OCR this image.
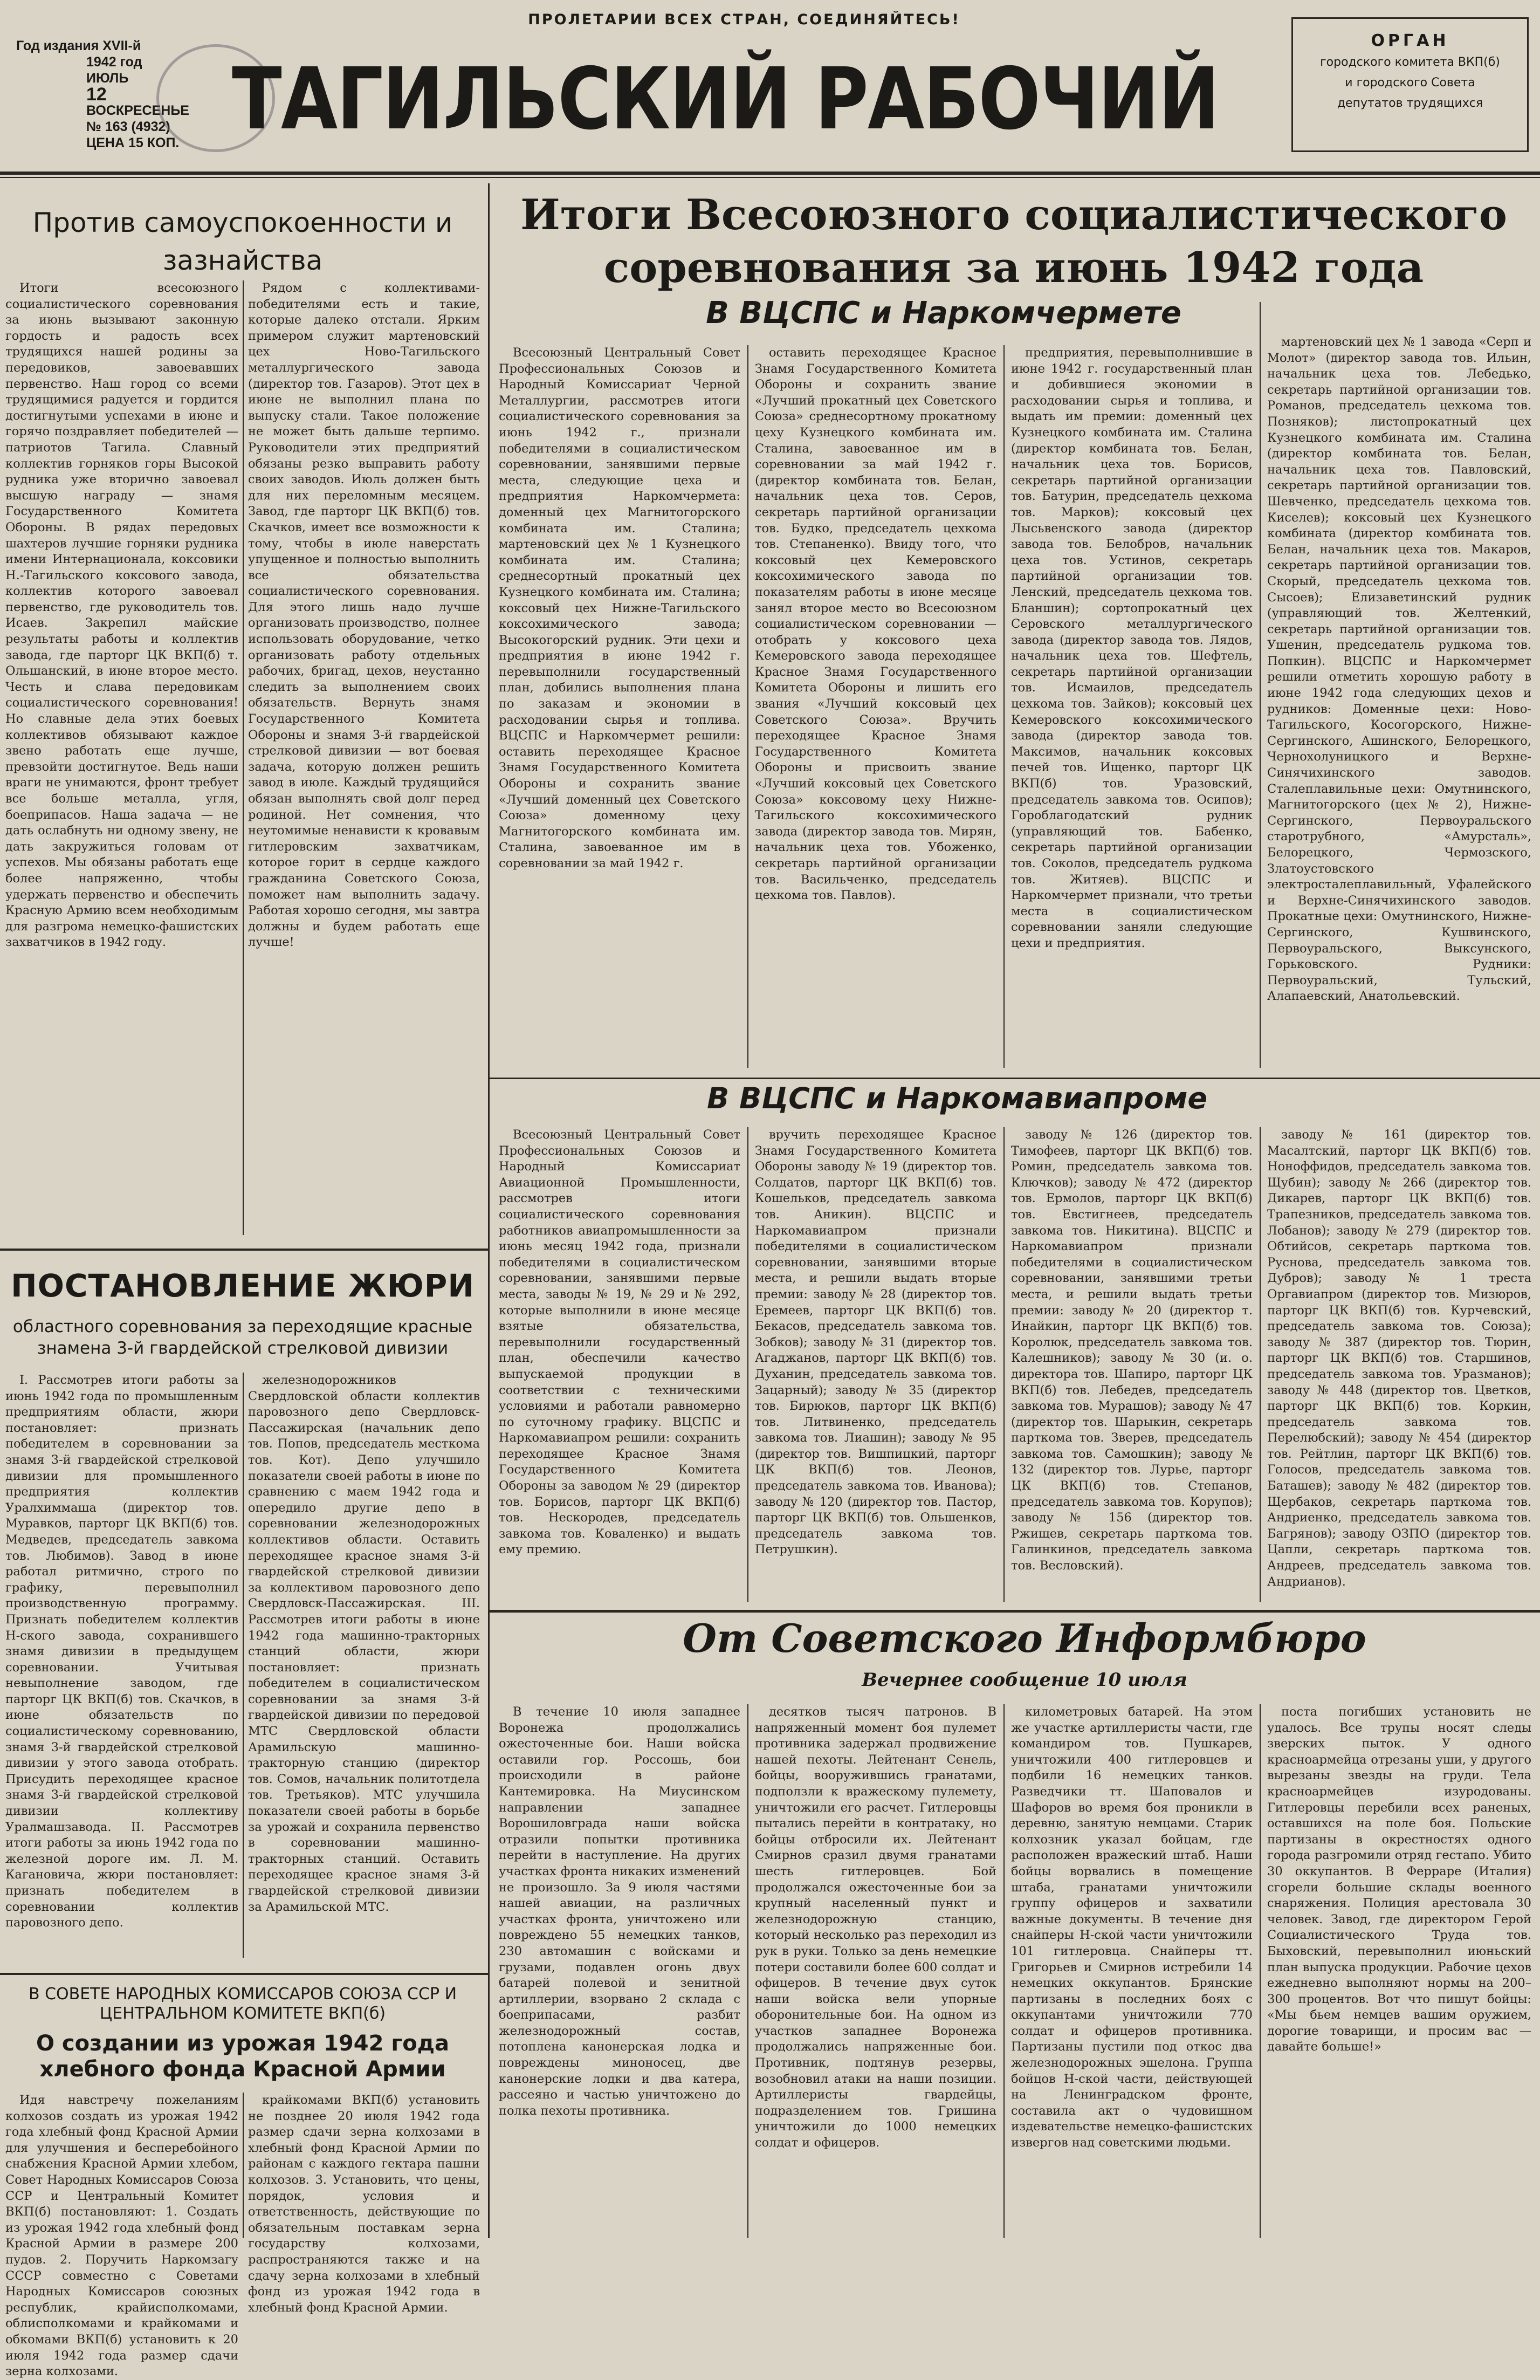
ПРОЛЕТАРИИ ВСЕХ СТРАН, СОЕДИНЯЙТЕСЬ!
Год издания XVII-й
1942 год
ИЮЛЬ
12
ВОСКРЕСЕНЬЕ
№ 163 (4932)
ЦЕНА 15 КОП. ТАГИЛЬСКИЙ РАБОЧИЙ
ОРГАН
городского комитета ВКП(б)
и городского Совета
депутатов трудящихся
Против самоуспокоенности и зазнайства

Итоги всесоюзного социалистического соревнования за июнь вызывают законную гордость и радость всех трудящихся нашей родины за передовиков, завоевавших первенство. Наш город со всеми трудящимися радуется и гордится достигнутыми успехами в июне и горячо поздравляет победителей — патриотов Тагила. Славный коллектив горняков горы Высокой рудника уже вторично завоевал высшую награду — знамя Государственного Комитета Обороны. В рядах передовых шахтеров лучшие горняки рудника имени Интернационала, коксовики Н.-Тагильского коксового завода, коллектив которого завоевал первенство, где руководитель тов. Исаев. Закрепил майские результаты работы и коллектив завода, где парторг ЦК ВКП(б) т. Ольшанский, в июне второе место. Честь и слава передовикам социалистического соревнования! Но славные дела этих боевых коллективов обязывают каждое звено работать еще лучше, превзойти достигнутое. Ведь наши враги не унимаются, фронт требует все больше металла, угля, боеприпасов. Наша задача — не дать ослабнуть ни одному звену, не дать закружиться головам от успехов. Мы обязаны работать еще более напряженно, чтобы удержать первенство и обеспечить Красную Армию всем необходимым для разгрома немецко-фашистских захватчиков в 1942 году.

Рядом с коллективами-победителями есть и такие, которые далеко отстали. Ярким примером служит мартеновский цех Ново-Тагильского металлургического завода (директор тов. Газаров). Этот цех в июне не выполнил плана по выпуску стали. Такое положение не может быть дальше терпимо. Руководители этих предприятий обязаны резко выправить работу своих заводов. Июль должен быть для них переломным месяцем. Завод, где парторг ЦК ВКП(б) тов. Скачков, имеет все возможности к тому, чтобы в июле наверстать упущенное и полностью выполнить все обязательства социалистического соревнования. Для этого лишь надо лучше организовать производство, полнее использовать оборудование, четко организовать работу отдельных рабочих, бригад, цехов, неустанно следить за выполнением своих обязательств. Вернуть знамя Государственного Комитета Обороны и знамя 3-й гвардейской стрелковой дивизии — вот боевая задача, которую должен решить завод в июле. Каждый трудящийся обязан выполнять свой долг перед родиной. Нет сомнения, что неутомимые ненависти к кровавым гитлеровским захватчикам, которое горит в сердце каждого гражданина Советского Союза, поможет нам выполнить задачу. Работая хорошо сегодня, мы завтра должны и будем работать еще лучше!

ПОСТАНОВЛЕНИЕ ЖЮРИ
областного соревнования за переходящие красные знамена 3-й гвардейской стрелковой дивизии

I. Рассмотрев итоги работы за июнь 1942 года по промышленным предприятиям области, жюри постановляет: признать победителем в соревновании за знамя 3-й гвардейской стрелковой дивизии для промышленного предприятия коллектив Уралхиммаша (директор тов. Муравков, парторг ЦК ВКП(б) тов. Медведев, председатель завкома тов. Любимов). Завод в июне работал ритмично, строго по графику, перевыполнил производственную программу. Признать победителем коллектив Н-ского завода, сохранившего знамя дивизии в предыдущем соревновании. Учитывая невыполнение заводом, где парторг ЦК ВКП(б) тов. Скачков, в июне обязательств по социалистическому соревнованию, знамя 3-й гвардейской стрелковой дивизии у этого завода отобрать. Присудить переходящее красное знамя 3-й гвардейской стрелковой дивизии коллективу Уралмашзавода. II. Рассмотрев итоги работы за июнь 1942 года по железной дороге им. Л. М. Кагановича, жюри постановляет: признать победителем в соревновании коллектив паровозного депо.

железнодорожников Свердловской области коллектив паровозного депо Свердловск-Пассажирская (начальник депо тов. Попов, председатель месткома тов. Кот). Депо улучшило показатели своей работы в июне по сравнению с маем 1942 года и опередило другие депо в соревновании железнодорожных коллективов области. Оставить переходящее красное знамя 3-й гвардейской стрелковой дивизии за коллективом паровозного депо Свердловск-Пассажирская. III. Рассмотрев итоги работы в июне 1942 года машинно-тракторных станций области, жюри постановляет: признать победителем в социалистическом соревновании за знамя 3-й гвардейской дивизии по передовой МТС Свердловской области Арамильскую машинно-тракторную станцию (директор тов. Сомов, начальник политотдела тов. Третьяков). МТС улучшила показатели своей работы в борьбе за урожай и сохранила первенство в соревновании машинно-тракторных станций. Оставить переходящее красное знамя 3-й гвардейской стрелковой дивизии за Арамильской МТС.

В СОВЕТЕ НАРОДНЫХ КОМИССАРОВ СОЮЗА ССР И ЦЕНТРАЛЬНОМ КОМИТЕТЕ ВКП(б)
О создании из урожая 1942 года хлебного фонда Красной Армии

Идя навстречу пожеланиям колхозов создать из урожая 1942 года хлебный фонд Красной Армии для улучшения и бесперебойного снабжения Красной Армии хлебом, Совет Народных Комиссаров Союза ССР и Центральный Комитет ВКП(б) постановляют: 1. Создать из урожая 1942 года хлебный фонд Красной Армии в размере 200 пудов. 2. Поручить Наркомзагу СССР совместно с Советами Народных Комиссаров союзных республик, крайисполкомами, облисполкомами и крайкомами и обкомами ВКП(б) установить к 20 июля 1942 года размер сдачи зерна колхозами.

крайкомами ВКП(б) установить не позднее 20 июля 1942 года размер сдачи зерна колхозами в хлебный фонд Красной Армии по районам с каждого гектара пашни колхозов. 3. Установить, что цены, порядок, условия и ответственность, действующие по обязательным поставкам зерна государству колхозами, распространяются также и на сдачу зерна колхозами в хлебный фонд из урожая 1942 года в хлебный фонд Красной Армии.

Итоги Всесоюзного социалистического соревнования за июнь 1942 года
В ВЦСПС и Наркомчермете

Всесоюзный Центральный Совет Профессиональных Союзов и Народный Комиссариат Черной Металлургии, рассмотрев итоги социалистического соревнования за июнь 1942 г., признали победителями в социалистическом соревновании, занявшими первые места, следующие цеха и предприятия Наркомчермета: доменный цех Магнитогорского комбината им. Сталина; мартеновский цех № 1 Кузнецкого комбината им. Сталина; среднесортный прокатный цех Кузнецкого комбината им. Сталина; коксовый цех Нижне-Тагильского коксохимического завода; Высокогорский рудник. Эти цехи и предприятия в июне 1942 г. перевыполнили государственный план, добились выполнения плана по заказам и экономии в расходовании сырья и топлива. ВЦСПС и Наркомчермет решили: оставить переходящее Красное Знамя Государственного Комитета Обороны и сохранить звание «Лучший доменный цех Советского Союза» доменному цеху Магнитогорского комбината им. Сталина, завоеванное им в соревновании за май 1942 г.

оставить переходящее Красное Знамя Государственного Комитета Обороны и сохранить звание «Лучший прокатный цех Советского Союза» среднесортному прокатному цеху Кузнецкого комбината им. Сталина, завоеванное им в соревновании за май 1942 г. (директор комбината тов. Белан, начальник цеха тов. Серов, секретарь партийной организации тов. Будко, председатель цехкома тов. Степаненко). Ввиду того, что коксовый цех Кемеровского коксохимического завода по показателям работы в июне месяце занял второе место во Всесоюзном социалистическом соревновании — отобрать у коксового цеха Кемеровского завода переходящее Красное Знамя Государственного Комитета Обороны и лишить его звания «Лучший коксовый цех Советского Союза». Вручить переходящее Красное Знамя Государственного Комитета Обороны и присвоить звание «Лучший коксовый цех Советского Союза» коксовому цеху Нижне-Тагильского коксохимического завода (директор завода тов. Мирян, начальник цеха тов. Убоженко, секретарь партийной организации тов. Васильченко, председатель цехкома тов. Павлов).

предприятия, перевыполнившие в июне 1942 г. государственный план и добившиеся экономии в расходовании сырья и топлива, и выдать им премии: доменный цех Кузнецкого комбината им. Сталина (директор комбината тов. Белан, начальник цеха тов. Борисов, секретарь партийной организации тов. Батурин, председатель цехкома тов. Марков); коксовый цех Лысьвенского завода (директор завода тов. Белобров, начальник цеха тов. Устинов, секретарь партийной организации тов. Ленский, председатель цехкома тов. Бланшин); сортопрокатный цех Серовского металлургического завода (директор завода тов. Лядов, начальник цеха тов. Шефтель, секретарь партийной организации тов. Исмаилов, председатель цехкома тов. Зайков); коксовый цех Кемеровского коксохимического завода (директор завода тов. Максимов, начальник коксовых печей тов. Ищенко, парторг ЦК ВКП(б) тов. Уразовский, председатель завкома тов. Осипов); Гороблагодатский рудник (управляющий тов. Бабенко, секретарь партийной организации тов. Соколов, председатель рудкома тов. Житяев). ВЦСПС и Наркомчермет признали, что третьи места в социалистическом соревновании заняли следующие цехи и предприятия.

мартеновский цех № 1 завода «Серп и Молот» (директор завода тов. Ильин, начальник цеха тов. Лебедько, секретарь партийной организации тов. Романов, председатель цехкома тов. Позняков); листопрокатный цех Кузнецкого комбината им. Сталина (директор комбината тов. Белан, начальник цеха тов. Павловский, секретарь партийной организации тов. Шевченко, председатель цехкома тов. Киселев); коксовый цех Кузнецкого комбината (директор комбината тов. Белан, начальник цеха тов. Макаров, секретарь партийной организации тов. Скорый, председатель цехкома тов. Сысоев); Елизаветинский рудник (управляющий тов. Желтенкий, секретарь партийной организации тов. Ушенин, председатель рудкома тов. Попкин). ВЦСПС и Наркомчермет решили отметить хорошую работу в июне 1942 года следующих цехов и рудников: Доменные цехи: Ново-Тагильского, Косогорского, Нижне-Сергинского, Ашинского, Белорецкого, Чернохолуницкого и Верхне-Синячихинского заводов. Сталеплавильные цехи: Омутнинского, Магнитогорского (цех № 2), Нижне-Сергинского, Первоуральского старотрубного, «Амурсталь», Белорецкого, Чермозского, Златоустовского электросталеплавильный, Уфалейского и Верхне-Синячихинского заводов. Прокатные цехи: Омутнинского, Нижне-Сергинского, Кушвинского, Первоуральского, Выксунского, Горьковского. Рудники: Первоуральский, Тульский, Алапаевский, Анатольевский.

В ВЦСПС и Наркомавиапроме

Всесоюзный Центральный Совет Профессиональных Союзов и Народный Комиссариат Авиационной Промышленности, рассмотрев итоги социалистического соревнования работников авиапромышленности за июнь месяц 1942 года, признали победителями в социалистическом соревновании, занявшими первые места, заводы № 19, № 29 и № 292, которые выполнили в июне месяце взятые обязательства, перевыполнили государственный план, обеспечили качество выпускаемой продукции в соответствии с техническими условиями и работали равномерно по суточному графику. ВЦСПС и Наркомавиапром решили: сохранить переходящее Красное Знамя Государственного Комитета Обороны за заводом № 29 (директор тов. Борисов, парторг ЦК ВКП(б) тов. Нескородев, председатель завкома тов. Коваленко) и выдать ему премию.

вручить переходящее Красное Знамя Государственного Комитета Обороны заводу № 19 (директор тов. Солдатов, парторг ЦК ВКП(б) тов. Кошельков, председатель завкома тов. Аникин). ВЦСПС и Наркомавиапром признали победителями в социалистическом соревновании, занявшими вторые места, и решили выдать вторые премии: заводу № 28 (директор тов. Еремеев, парторг ЦК ВКП(б) тов. Бекасов, председатель завкома тов. Зобков); заводу № 31 (директор тов. Агаджанов, парторг ЦК ВКП(б) тов. Духанин, председатель завкома тов. Зацарный); заводу № 35 (директор тов. Бирюков, парторг ЦК ВКП(б) тов. Литвиненко, председатель завкома тов. Лиашин); заводу № 95 (директор тов. Вишпицкий, парторг ЦК ВКП(б) тов. Леонов, председатель завкома тов. Иванова); заводу № 120 (директор тов. Пастор, парторг ЦК ВКП(б) тов. Ольшенков, председатель завкома тов. Петрушкин).

заводу № 126 (директор тов. Тимофеев, парторг ЦК ВКП(б) тов. Ромин, председатель завкома тов. Ключков); заводу № 472 (директор тов. Ермолов, парторг ЦК ВКП(б) тов. Евстигнеев, председатель завкома тов. Никитина). ВЦСПС и Наркомавиапром признали победителями в социалистическом соревновании, занявшими третьи места, и решили выдать третьи премии: заводу № 20 (директор т. Инайкин, парторг ЦК ВКП(б) тов. Королюк, председатель завкома тов. Калешников); заводу № 30 (и. о. директора тов. Шапиро, парторг ЦК ВКП(б) тов. Лебедев, председатель завкома тов. Мурашов); заводу № 47 (директор тов. Шарыкин, секретарь парткома тов. Зверев, председатель завкома тов. Самошкин); заводу № 132 (директор тов. Лурье, парторг ЦК ВКП(б) тов. Степанов, председатель завкома тов. Корупов); заводу № 156 (директор тов. Ржищев, секретарь парткома тов. Галинкинов, председатель завкома тов. Весловский).

заводу № 161 (директор тов. Масалтский, парторг ЦК ВКП(б) тов. Ноноффидов, председатель завкома тов. Щубин); заводу № 266 (директор тов. Дикарев, парторг ЦК ВКП(б) тов. Трапезников, председатель завкома тов. Лобанов); заводу № 279 (директор тов. Обтийсов, секретарь парткома тов. Руснова, председатель завкома тов. Дубров); заводу № 1 треста Оргавиапром (директор тов. Мизюров, парторг ЦК ВКП(б) тов. Курчевский, председатель завкома тов. Союза); заводу № 387 (директор тов. Тюрин, парторг ЦК ВКП(б) тов. Старшинов, председатель завкома тов. Уразманов); заводу № 448 (директор тов. Цветков, парторг ЦК ВКП(б) тов. Коркин, председатель завкома тов. Перелюбский); заводу № 454 (директор тов. Рейтлин, парторг ЦК ВКП(б) тов. Голосов, председатель завкома тов. Баташев); заводу № 482 (директор тов. Щербаков, секретарь парткома тов. Андриенко, председатель завкома тов. Багрянов); заводу ОЗПО (директор тов. Цапли, секретарь парткома тов. Андреев, председатель завкома тов. Андрианов).

От Советского Информбюро
Вечернее сообщение 10 июля

В течение 10 июля западнее Воронежа продолжались ожесточенные бои. Наши войска оставили гор. Россошь, бои происходили в районе Кантемировка. На Миусинском направлении западнее Ворошиловграда наши войска отразили попытки противника перейти в наступление. На других участках фронта никаких изменений не произошло. За 9 июля частями нашей авиации, на различных участках фронта, уничтожено или повреждено 55 немецких танков, 230 автомашин с войсками и грузами, подавлен огонь двух батарей полевой и зенитной артиллерии, взорвано 2 склада с боеприпасами, разбит железнодорожный состав, потоплена канонерская лодка и повреждены миноносец, две канонерские лодки и два катера, рассеяно и частью уничтожено до полка пехоты противника.

десятков тысяч патронов. В напряженный момент боя пулемет противника задержал продвижение нашей пехоты. Лейтенант Сенель, бойцы, вооружившись гранатами, подползли к вражескому пулемету, уничтожили его расчет. Гитлеровцы пытались перейти в контратаку, но бойцы отбросили их. Лейтенант Смирнов сразил двумя гранатами шесть гитлеровцев. Бой продолжался ожесточенные бои за крупный населенный пункт и железнодорожную станцию, который несколько раз переходил из рук в руки. Только за день немецкие потери составили более 600 солдат и офицеров. В течение двух суток наши войска вели упорные оборонительные бои. На одном из участков западнее Воронежа продолжались напряженные бои. Противник, подтянув резервы, возобновил атаки на наши позиции. Артиллеристы гвардейцы, подразделением тов. Гришина уничтожили до 1000 немецких солдат и офицеров.

километровых батарей. На этом же участке артиллеристы части, где командиром тов. Пушкарев, уничтожили 400 гитлеровцев и подбили 16 немецких танков. Разведчики тт. Шаповалов и Шафоров во время боя проникли в деревню, занятую немцами. Старик колхозник указал бойцам, где расположен вражеский штаб. Наши бойцы ворвались в помещение штаба, гранатами уничтожили группу офицеров и захватили важные документы. В течение дня снайперы Н-ской части уничтожили 101 гитлеровца. Снайперы тт. Григорьев и Смирнов истребили 14 немецких оккупантов. Брянские партизаны в последних боях с оккупантами уничтожили 770 солдат и офицеров противника. Партизаны пустили под откос два железнодорожных эшелона. Группа бойцов Н-ской части, действующей на Ленинградском фронте, составила акт о чудовищном издевательстве немецко-фашистских извергов над советскими людьми.

поста погибших установить не удалось. Все трупы носят следы зверских пыток. У одного красноармейца отрезаны уши, у другого вырезаны звезды на груди. Тела красноармейцев изуродованы. Гитлеровцы перебили всех раненых, оставшихся на поле боя. Польские партизаны в окрестностях одного города разгромили отряд гестапо. Убито 30 оккупантов. В Ферраре (Италия) сгорели большие склады военного снаряжения. Полиция арестовала 30 человек. Завод, где директором Герой Социалистического Труда тов. Быховский, перевыполнил июньский план выпуска продукции. Рабочие цехов ежедневно выполняют нормы на 200–300 процентов. Вот что пишут бойцы: «Мы бьем немцев вашим оружием, дорогие товарищи, и просим вас — давайте больше!»
